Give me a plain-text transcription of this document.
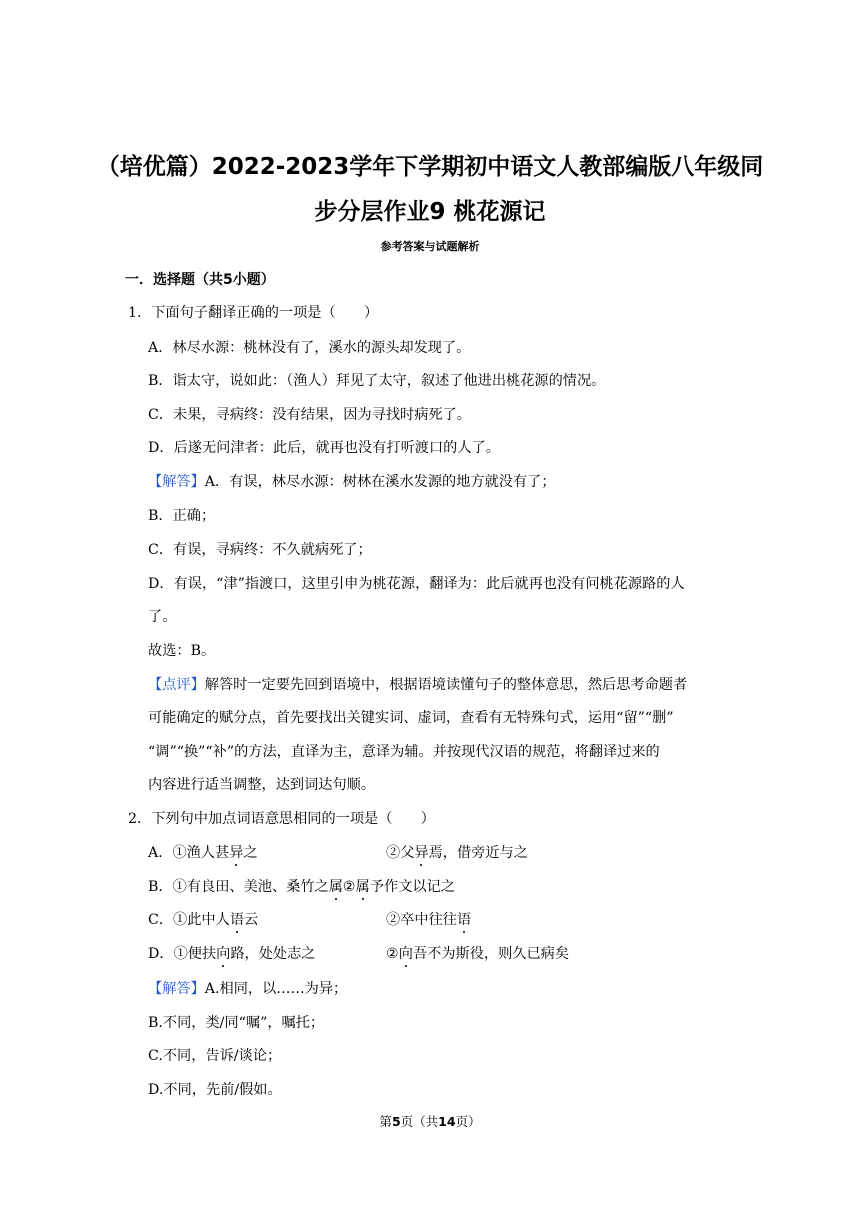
（培优篇）2022-2023学年下学期初中语文人教部编版八年级同
步分层作业9 桃花源记
参考答案与试题解析
一．选择题（共5小题）
1．下面句子翻译正确的一项是（　　）
A．林尽水源：桃林没有了，溪水的源头却发现了。
B．诣太守，说如此：（渔人）拜见了太守，叙述了他进出桃花源的情况。
C．未果，寻病终：没有结果，因为寻找时病死了。
D．后遂无问津者：此后，就再也没有打听渡口的人了。
【解答】A．有误，林尽水源：树林在溪水发源的地方就没有了；
B．正确；
C．有误，寻病终：不久就病死了；
D．有误，“津”指渡口，这里引申为桃花源，翻译为：此后就再也没有问桃花源路的人
了。
故选：B。
【点评】解答时一定要先回到语境中，根据语境读懂句子的整体意思，然后思考命题者
可能确定的赋分点，首先要找出关键实词、虚词，查看有无特殊句式，运用“留”“删”
“调”“换”“补”的方法，直译为主，意译为辅。并按现代汉语的规范，将翻译过来的
内容进行适当调整，达到词达句顺。
2．下列句中加点词语意思相同的一项是（　　）
A．①渔人甚异之	②父异焉，借旁近与之
B．①有良田、美池、桑竹之属②属予作文以记之
C．①此中人语云	②卒中往往语
D．①便扶向路，处处志之	②向吾不为斯役，则久已病矣
【解答】A.相同，以……为异；
B.不同，类/同“嘱”，嘱托；
C.不同，告诉/谈论；
D.不同，先前/假如。
第5页（共14页）
